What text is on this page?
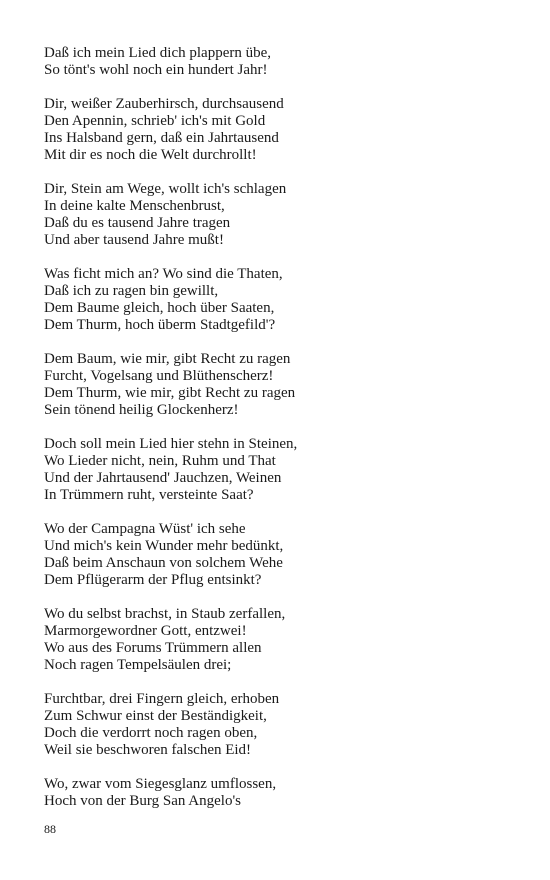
Daß ich mein Lied dich plappern übe,
So tönt's wohl noch ein hundert Jahr!
Dir, weißer Zauberhirsch, durchsausend
Den Apennin, schrieb' ich's mit Gold
Ins Halsband gern, daß ein Jahrtausend
Mit dir es noch die Welt durchrollt!
Dir, Stein am Wege, wollt ich's schlagen
In deine kalte Menschenbrust,
Daß du es tausend Jahre tragen
Und aber tausend Jahre mußt!
Was ficht mich an? Wo sind die Thaten,
Daß ich zu ragen bin gewillt,
Dem Baume gleich, hoch über Saaten,
Dem Thurm, hoch überm Stadtgefild'?
Dem Baum, wie mir, gibt Recht zu ragen
Furcht, Vogelsang und Blüthenscherz!
Dem Thurm, wie mir, gibt Recht zu ragen
Sein tönend heilig Glockenherz!
Doch soll mein Lied hier stehn in Steinen,
Wo Lieder nicht, nein, Ruhm und That
Und der Jahrtausend' Jauchzen, Weinen
In Trümmern ruht, versteinte Saat?
Wo der Campagna Wüst' ich sehe
Und mich's kein Wunder mehr bedünkt,
Daß beim Anschaun von solchem Wehe
Dem Pflügerarm der Pflug entsinkt?
Wo du selbst brachst, in Staub zerfallen,
Marmorgewordner Gott, entzwei!
Wo aus des Forums Trümmern allen
Noch ragen Tempelsäulen drei;
Furchtbar, drei Fingern gleich, erhoben
Zum Schwur einst der Beständigkeit,
Doch die verdorrt noch ragen oben,
Weil sie beschworen falschen Eid!
Wo, zwar vom Siegesglanz umflossen,
Hoch von der Burg San Angelo's
88
